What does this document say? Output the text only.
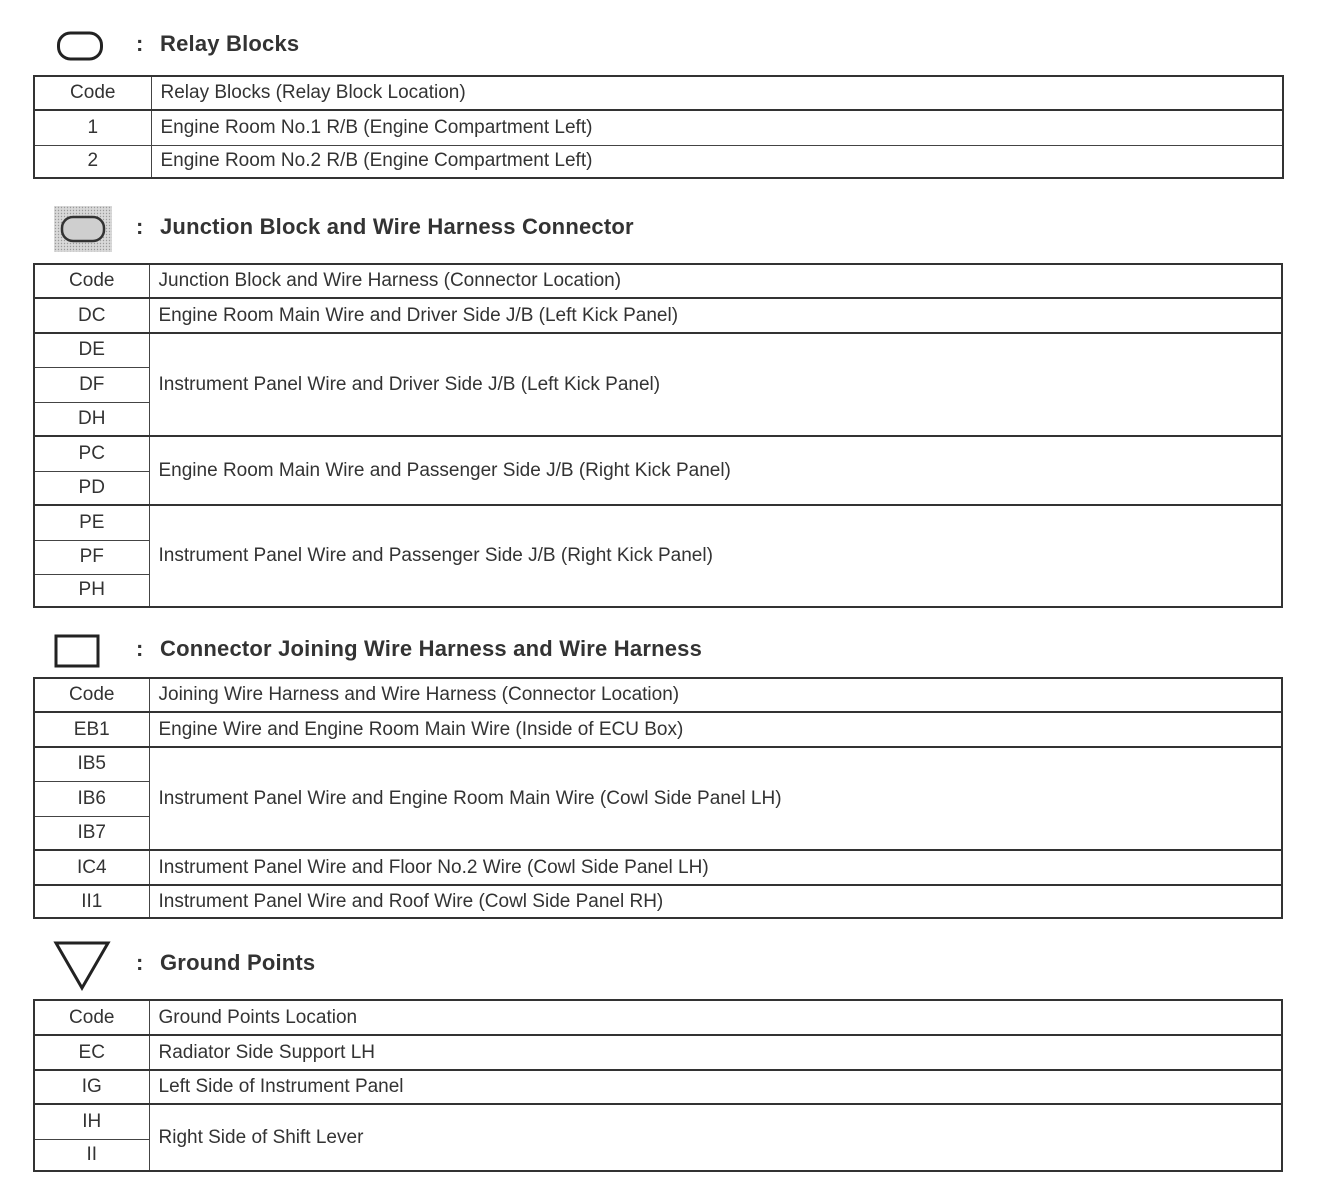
: Relay Blocks
Code	Relay Blocks (Relay Block Location)
1	Engine Room No.1 R/B (Engine Compartment Left)
2	Engine Room No.2 R/B (Engine Compartment Left)
: Junction Block and Wire Harness Connector
Code	Junction Block and Wire Harness (Connector Location)
DC	Engine Room Main Wire and Driver Side J/B (Left Kick Panel)
DE	Instrument Panel Wire and Driver Side J/B (Left Kick Panel)
DF	
DH	
PC	Engine Room Main Wire and Passenger Side J/B (Right Kick Panel)
PD	
PE	Instrument Panel Wire and Passenger Side J/B (Right Kick Panel)
PF	
PH	
: Connector Joining Wire Harness and Wire Harness
Code	Joining Wire Harness and Wire Harness (Connector Location)
EB1	Engine Wire and Engine Room Main Wire (Inside of ECU Box)
IB5	Instrument Panel Wire and Engine Room Main Wire (Cowl Side Panel LH)
IB6	
IB7	
IC4	Instrument Panel Wire and Floor No.2 Wire (Cowl Side Panel LH)
II1	Instrument Panel Wire and Roof Wire (Cowl Side Panel RH)
: Ground Points
Code	Ground Points Location
EC	Radiator Side Support LH
IG	Left Side of Instrument Panel
IH	Right Side of Shift Lever
II	
